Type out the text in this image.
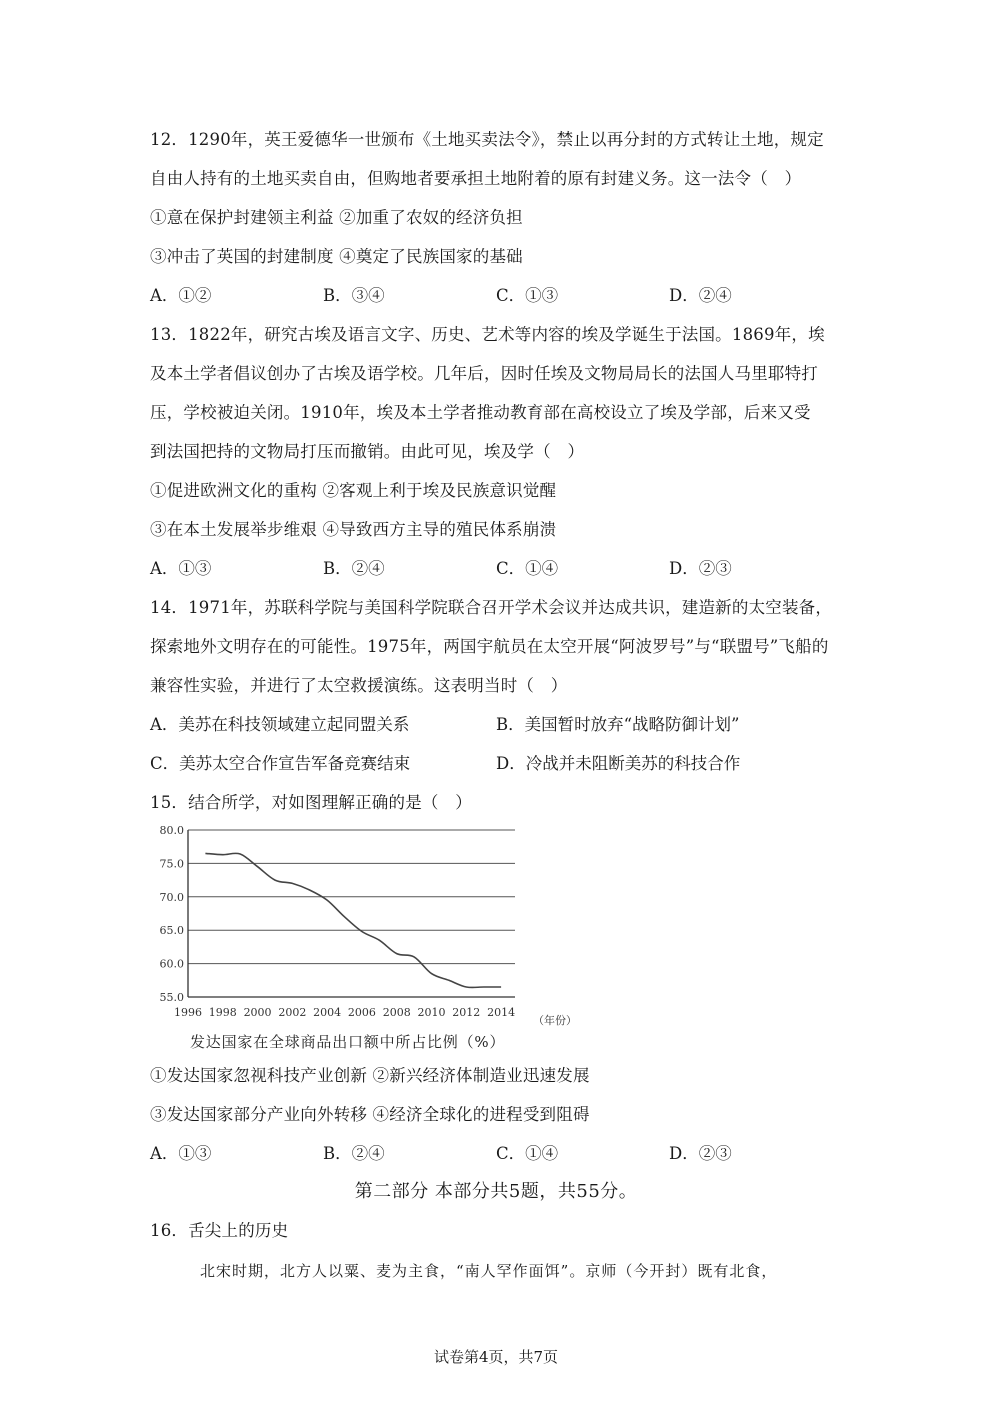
12．1290年，英王爱德华一世颁布《土地买卖法令》，禁止以再分封的方式转让土地，规定
自由人持有的土地买卖自由，但购地者要承担土地附着的原有封建义务。这一法令（　）
①意在保护封建领主利益 ②加重了农奴的经济负担
③冲击了英国的封建制度 ④奠定了民族国家的基础
A．①②	B．③④	C．①③	D．②④
13．1822年，研究古埃及语言文字、历史、艺术等内容的埃及学诞生于法国。1869年，埃
及本土学者倡议创办了古埃及语学校。几年后，因时任埃及文物局局长的法国人马里耶特打
压，学校被迫关闭。1910年，埃及本土学者推动教育部在高校设立了埃及学部，后来又受
到法国把持的文物局打压而撤销。由此可见，埃及学（　）
①促进欧洲文化的重构 ②客观上利于埃及民族意识觉醒
③在本土发展举步维艰 ④导致西方主导的殖民体系崩溃
A．①③	B．②④	C．①④	D．②③
14．1971年，苏联科学院与美国科学院联合召开学术会议并达成共识，建造新的太空装备，
探索地外文明存在的可能性。1975年，两国宇航员在太空开展“阿波罗号”与“联盟号”飞船的
兼容性实验，并进行了太空救援演练。这表明当时（　）
A．美苏在科技领域建立起同盟关系	B．美国暂时放弃“战略防御计划”
C．美苏太空合作宣告军备竞赛结束	D．冷战并未阻断美苏的科技合作
15．结合所学，对如图理解正确的是（　）
55.0
60.0
65.0
70.0
75.0
80.0
1996 1998 2000 2002 2004 2006 2008 2010 2012 2014
（年份）
发达国家在全球商品出口额中所占比例（%）
①发达国家忽视科技产业创新 ②新兴经济体制造业迅速发展
③发达国家部分产业向外转移 ④经济全球化的进程受到阻碍
A．①③	B．②④	C．①④	D．②③
第二部分 本部分共5题，共55分。
16．舌尖上的历史
北宋时期，北方人以粟、麦为主食，“南人罕作面饵”。京师（今开封）既有北食，
试卷第4页，共7页
